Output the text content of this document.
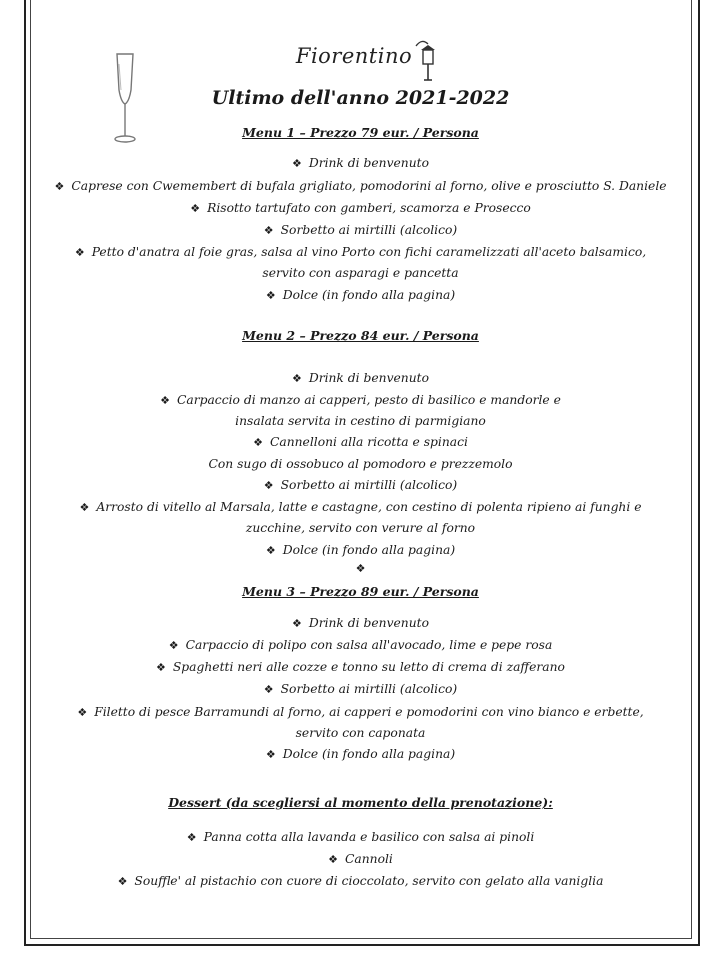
Fiorentino
Ultimo dell'anno 2021-2022
Menu 1 – Prezzo 79 eur. / Persona
❖  Drink di benvenuto
❖  Caprese con Cwemembert di bufala grigliato, pomodorini al forno, olive e prosciutto S. Daniele
❖  Risotto tartufato con gamberi, scamorza e Prosecco
❖  Sorbetto ai mirtilli (alcolico)
❖  Petto d'anatra al foie gras, salsa al vino Porto con fichi caramelizzati all'aceto balsamico,
servito con asparagi e pancetta
❖  Dolce (in fondo alla pagina)
Menu 2 – Prezzo 84 eur. / Persona
❖  Drink di benvenuto
❖  Carpaccio di manzo ai capperi, pesto di basilico e mandorle e
insalata servita in cestino di parmigiano
❖  Cannelloni alla ricotta e spinaci
Con sugo di ossobuco al pomodoro e prezzemolo
❖  Sorbetto ai mirtilli (alcolico)
❖  Arrosto di vitello al Marsala, latte e castagne, con cestino di polenta ripieno ai funghi e
zucchine, servito con verure al forno
❖  Dolce (in fondo alla pagina)
❖
Menu 3 – Prezzo 89 eur. / Persona
❖  Drink di benvenuto
❖  Carpaccio di polipo con salsa all'avocado, lime e pepe rosa
❖  Spaghetti neri alle cozze e tonno su letto di crema di zafferano
❖  Sorbetto ai mirtilli (alcolico)
❖  Filetto di pesce Barramundi al forno, ai capperi e pomodorini con vino bianco e erbette,
servito con caponata
❖  Dolce (in fondo alla pagina)
Dessert (da scegliersi al momento della prenotazione):
❖  Panna cotta alla lavanda e basilico con salsa ai pinoli
❖  Cannoli
❖  Souffle' al pistachio con cuore di cioccolato, servito con gelato alla vaniglia
